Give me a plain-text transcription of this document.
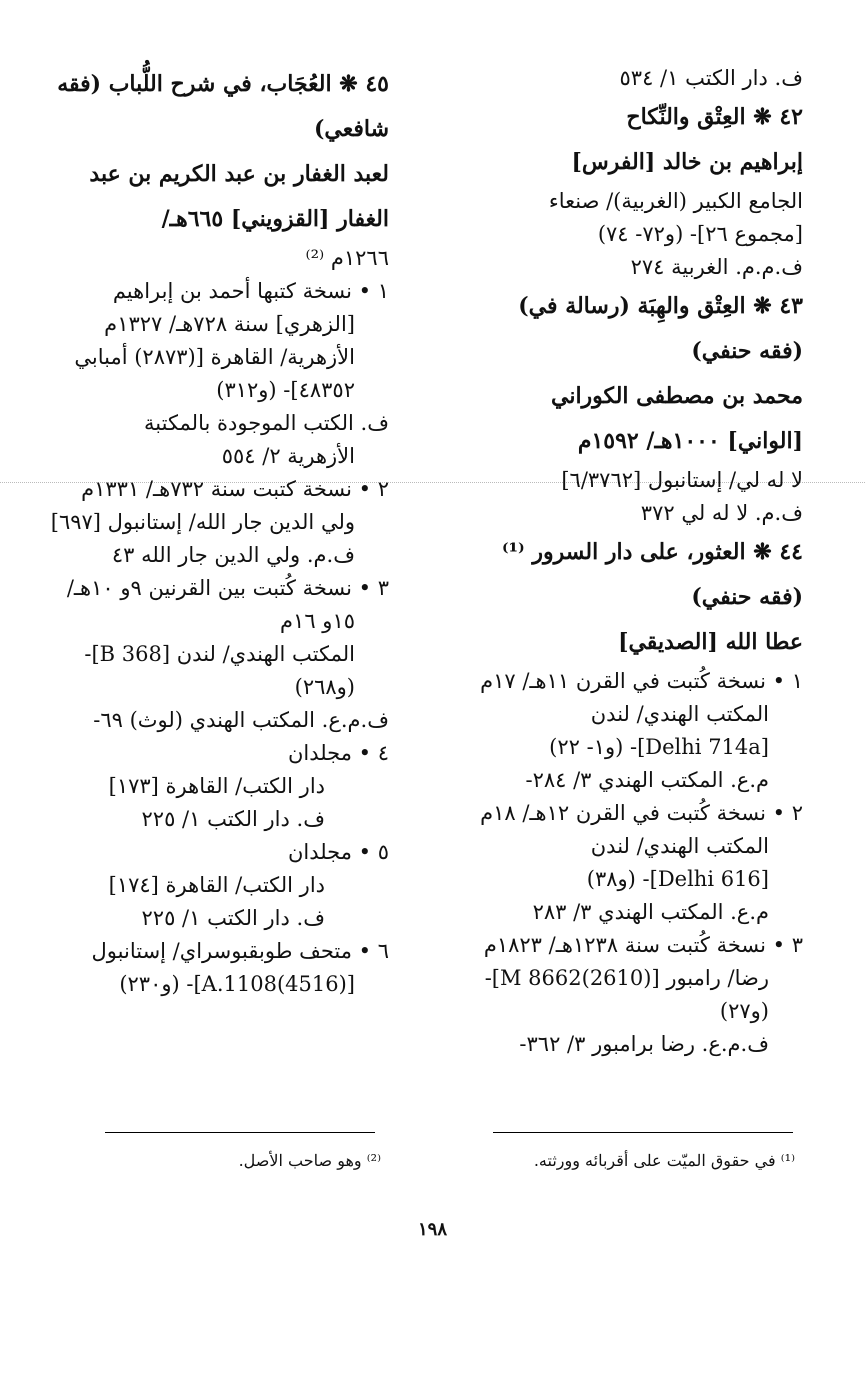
ف. دار الكتب ١/ ٥٣٤
٤٢ ❋ العِتْق والنِّكاح
إبراهيم بن خالد [الفرس]
الجامع الكبير (الغربية)/ صنعاء
[مجموع ٢٦]- (و٧٢- ٧٤)
ف.م.م. الغربية ٢٧٤
٤٣ ❋ العِتْق والهِبَة (رسالة في)
(فقه حنفي)
محمد بن مصطفى الكوراني
[الواني] ١٠٠٠هـ/ ١٥٩٢م
لا له لي/ إستانبول [٦/٣٧٦٢]
ف.م. لا له لي ٣٧٢
٤٤ ❋ العثور، على دار السرور ⁽¹⁾
(فقه حنفي)
عطا الله [الصديقي]
١ • نسخة كُتبت في القرن ١١هـ/ ١٧م
المكتب الهندي/ لندن
[Delhi 714a]- (و١- ٢٢)
م.ع. المكتب الهندي ٣/ ٢٨٤-
٢ • نسخة كُتبت في القرن ١٢هـ/ ١٨م
المكتب الهندي/ لندن
[Delhi 616]- (و٣٨)
م.ع. المكتب الهندي ٣/ ٢٨٣
٣ • نسخة كُتبت سنة ١٢٣٨هـ/ ١٨٢٣م
رضا/ رامبور [M 8662(2610)]-
(و٢٧)
ف.م.ع. رضا برامبور ٣/ ٣٦٢-
٤٥ ❋ العُجَاب، في شرح اللُّباب (فقه
شافعي)
لعبد الغفار بن عبد الكريم بن عبد
الغفار [القزويني] ٦٦٥هـ/
١٢٦٦م ⁽²⁾
١ • نسخة كتبها أحمد بن إبراهيم
[الزهري] سنة ٧٢٨هـ/ ١٣٢٧م
الأزهرية/ القاهرة [(٢٨٧٣) أمبابي
٤٨٣٥٢]- (و٣١٢)
ف. الكتب الموجودة بالمكتبة
الأزهرية ٢/ ٥٥٤
٢ • نسخة كتبت سنة ٧٣٢هـ/ ١٣٣١م
ولي الدين جار الله/ إستانبول [٦٩٧]
ف.م. ولي الدين جار الله ٤٣
٣ • نسخة كُتبت بين القرنين ٩و ١٠هـ/
١٥و ١٦م
المكتب الهندي/ لندن [B 368]-
(و٢٦٨)
ف.م.ع. المكتب الهندي (لوث) ٦٩-
٤ • مجلدان
دار الكتب/ القاهرة [١٧٣]
ف. دار الكتب ١/ ٢٢٥
٥ • مجلدان
دار الكتب/ القاهرة [١٧٤]
ف. دار الكتب ١/ ٢٢٥
٦ • متحف طوبقبوسراي/ إستانبول
[A.1108(4516)]- (و٢٣٠)
⁽¹⁾ في حقوق الميّت على أقربائه وورثته.
⁽²⁾ وهو صاحب الأصل.
١٩٨
